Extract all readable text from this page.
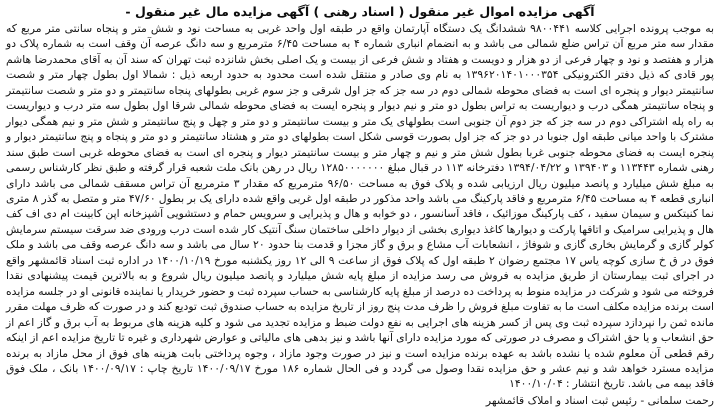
آگهی مزایده اموال غیر منقول ( اسناد رهنی ) آگهی مزایده مال غیر منقول -

به موجب پرونده اجرایی کلاسه ۹۸۰۰۴۴۱ ششدانگ یک دستگاه آپارتمان واقع در طبقه اول واحد غربی به مساحت نود و شش متر و پنجاه سانتی متر مربع که مقدار سه متر مربع آن تراس ضلع شمالی می باشد و به انضمام انباری شماره ۴ به مساحت ۶/۴۵ مترمربع و سه دانگ عرصه آن وقف است به شماره پلاک دو هزار و هفتصد و نود و چهار فرعی از دو هزار و دویست و هفتاد و شش فرعی از بیست و یک اصلی بخش شانزده ثبت تهران که سند آن به آقای محمدرضا هاشم پور قادی که ذیل دفتر الکترونیکی ۱۳۹۶۲۰۱۴۰۱۰۰۰۳۵۴ به نام وی صادر و منتقل شده است محدود به حدود اربعه ذیل : شمالا اول بطول چهار متر و شصت سانتیمتر دیوار و پنجره ای است به فضای محوطه شمالی دوم در سه جز که جز اول شرقی و جز سوم غربی بطولهای پنجاه سانتیمتر و دو متر و شصت سانتیمتر و پنجاه سانتیمتر همگی درب و دیواریست به تراس بطول دو متر و نیم دیوار و پنجره ایست به فضای محوطه شمالی شرقا اول بطول سه متر درب و دیواریست به راه پله اشتراکی دوم در سه جز که جز دوم آن جنوبی است بطولهای یک متر و بیست سانتیمتر و دو متر و چهل و پنج سانتیمتر و شش متر و نیم همگی دیوار مشترک با واحد میانی طبقه اول جنوبا در دو جز که جز اول بصورت قوسی شکل است بطولهای دو متر و هشتاد سانتیمتر و دو متر و پنجاه و پنج سانتیمتر دیوار و پنجره ایست به فضای محوطه جنوبی غربا بطول شش متر و نیم و چهار متر و بیست سانتیمتر دیوار و پنجره ای است به فضای محوطه غربی است طبق سند رهنی شماره ۱۱۳۴۴۳ و ۱۳۹۴۰۳ و ۱۳۹۴/۰۴/۲۲ دفترخانه ۱۱۳ در قبال مبلغ ۱۲۸۵۰۰۰۰۰۰۰ ریال در رهن بانک ملت شعبه قرار گرفته و طبق نظر کارشناس رسمی به مبلغ شش میلیارد و پانصد میلیون ریال ارزیابی شده و پلاک فوق به مساحت ۹۶/۵۰ مترمربع که مقدار ۳ مترمربع آن تراس مسقف شمالی می باشد دارای انباری قطعه ۴ به مساحت ۶/۴۵ مترمربع و فاقد پارکینگ می باشد واحد مذکور در طبقه اول غربی واقع شده دارای یک بر بطول ۴۷/۶۰ متر و متصل به گذر ۸ متری نما کنیتکس و سیمان سفید ، کف پارکینگ موزائیک ، فاقد آسانسور ، دو خوابه و هال و پذیرایی و سرویس حمام و دستشویی آشپزخانه اپن کابینت ام دی اف کف هال و پذیرایی سرامیک و اتاقها پارکت و دیوارها کاغذ دیواری بخشی از دیوار داخلی ساختمان سنگ آنتیک کار شده است درب ورودی ضد سرقت سیستم سرمایش کولر گازی و گرمایش بخاری گازی و شوفاژ ، انشعابات آب مشاع و برق و گاز مجزا و قدمت بنا حدود ۲۰ سال می باشد و سه دانگ عرصه وقف می باشد و ملک فوق در ق خ سازی کوچه یاس ۱۷ مجتمع رضوان ۲ طبقه اول که پلاک فوق از ساعت ۹ الی ۱۲ روز یکشنبه مورخ ۱۴۰۰/۱۰/۱۹ در اداره ثبت اسناد قائمشهر واقع در اجرای ثبت بیمارستان از طریق مزایده به فروش می رسد مزایده از مبلغ پایه شش میلیارد و پانصد میلیون ریال شروع و به بالاترین قیمت پیشنهادی نقدا فروخته می شود و شرکت در مزایده منوط به پرداخت ده درصد از مبلغ پایه کارشناسی به حساب سپرده ثبت و حضور خریدار یا نماینده قانونی او در جلسه مزایده است برنده مزایده مکلف است ما به تفاوت مبلغ فروش را ظرف مدت پنج روز از تاریخ مزایده به حساب صندوق ثبت تودیع کند و در صورت که ظرف مهلت مقرر مانده ثمن را نپردازد سپرده ثبت وی پس از کسر هزینه های اجرایی به نفع دولت ضبط و مزایده تجدید می شود و کلیه هزینه های مربوط به آب برق و گاز اعم از حق انشعاب و یا حق اشتراک و مصرف در صورتی که مورد مزایده دارای آنها باشد و نیز بدهی های مالیاتی و عوارض شهرداری و غیره تا تاریخ مزایده اعم از اینکه رقم قطعی آن معلوم شده یا نشده باشد به عهده برنده مزایده است و نیز در صورت وجود مازاد ، وجوه پرداختی بابت هزینه های فوق از محل مازاد به برنده مزایده مسترد خواهد شد و نیم عشر و حق مزایده نقدا وصول می گردد و فی الحال شماره ۱۸۶ مورخ ۱۴۰۰/۰۹/۱۷ تاریخ چاپ : ۱۴۰۰/۰۹/۱۷ بانک ، ملک فوق فاقد بیمه می باشد. تاریخ انتشار : ۱۴۰۰/۱۰/۰۴

رحمت سلمانی - رئیس ثبت اسناد و املاک قائمشهر
